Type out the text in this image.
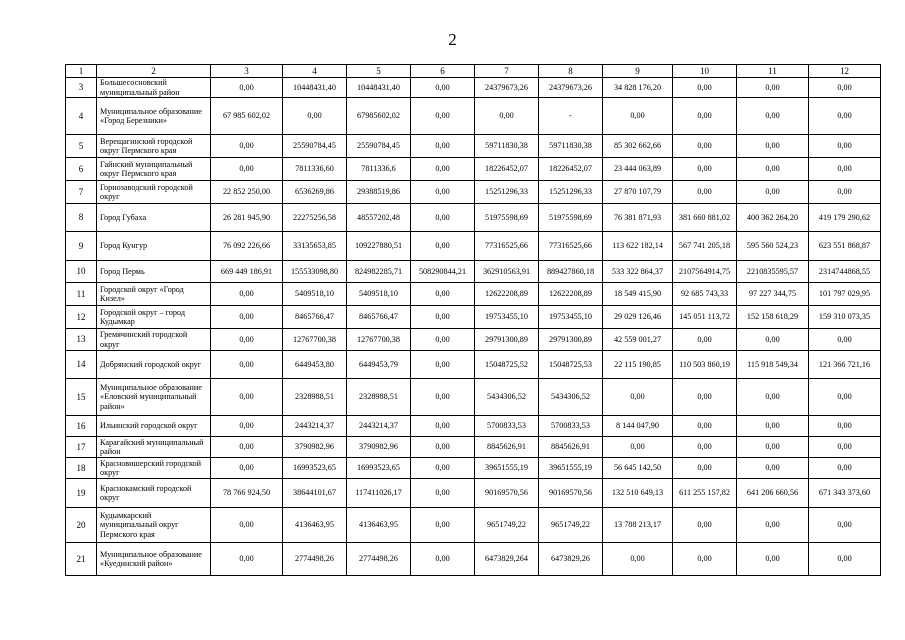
2
1	2	3	4	5	6	7	8	9	10	11	12
3	Большесосновский муниципальный район	0,00	10448431,40	10448431,40	0,00	24379673,26	24379673,26	34 828 176,20	0,00	0,00	0,00
4	Муниципальное образование «Город Березники»	67 985 602,02	0,00	67985602,02	0,00	0,00	-	0,00	0,00	0,00	0,00
5	Верещагинский городской округ Пермского края	0,00	25590784,45	25590784,45	0,00	59711830,38	59711830,38	85 302 662,66	0,00	0,00	0,00
6	Гайнский муниципальный округ Пермского края	0,00	7811336,60	7811336,6	0,00	18226452,07	18226452,07	23 444 063,89	0,00	0,00	0,00
7	Горнозаводский городской округ	22 852 250,00	6536269,86	29388519,86	0,00	15251296,33	15251296,33	27 870 107,79	0,00	0,00	0,00
8	Город Губаха	26 281 945,90	22275256,58	48557202,48	0,00	51975598,69	51975598,69	76 381 871,93	381 660 881,02	400 362 264,20	419 179 290,62
9	Город Кунгур	76 092 226,66	33135653,85	109227880,51	0,00	77316525,66	77316525,66	113 622 182,14	567 741 205,18	595 560 524,23	623 551 868,87
10	Город Пермь	669 449 186,91	155533098,80	824982285,71	508290844,21	362910563,91	889427860,18	533 322 864,37	2107564914,75	2210835595,57	2314744868,55
11	Городской округ «Город Кизел»	0,00	5409518,10	5409518,10	0,00	12622208,89	12622208,89	18 549 415,90	92 685 743,33	97 227 344,75	101 797 029,95
12	Городской округ – город Кудымкар	0,00	8465766,47	8465766,47	0,00	19753455,10	19753455,10	29 029 126,46	145 051 113,72	152 158 618,29	159 310 073,35
13	Гремячинский городской округ	0,00	12767700,38	12767700,38	0,00	29791300,89	29791300,89	42 559 001,27	0,00	0,00	0,00
14	Добрянский городской округ	0,00	6449453,80	6449453,79	0,00	15048725,52	15048725,53	22 115 190,85	110 503 860,19	115 918 549,34	121 366 721,16
15	Муниципальное образование «Еловский муниципальный район»	0,00	2328988,51	2328988,51	0,00	5434306,52	5434306,52	0,00	0,00	0,00	0,00
16	Ильинский городской округ	0,00	2443214,37	2443214,37	0,00	5700833,53	5700833,53	8 144 047,90	0,00	0,00	0,00
17	Карагайский муниципальный район	0,00	3790982,96	3790982,96	0,00	8845626,91	8845626,91	0,00	0,00	0,00	0,00
18	Красновишерский городской округ	0,00	16993523,65	16993523,65	0,00	39651555,19	39651555,19	56 645 142,50	0,00	0,00	0,00
19	Краснокамский городской округ	78 766 924,50	38644101,67	117411026,17	0,00	90169570,56	90169570,56	132 510 649,13	611 255 157,82	641 206 660,56	671 343 373,60
20	Кудымкарский муниципальный округ Пермского края	0,00	4136463,95	4136463,95	0,00	9651749,22	9651749,22	13 788 213,17	0,00	0,00	0,00
21	Муниципальное образование «Куединский район»	0,00	2774498,26	2774498,26	0,00	6473829,264	6473829,26	0,00	0,00	0,00	0,00
